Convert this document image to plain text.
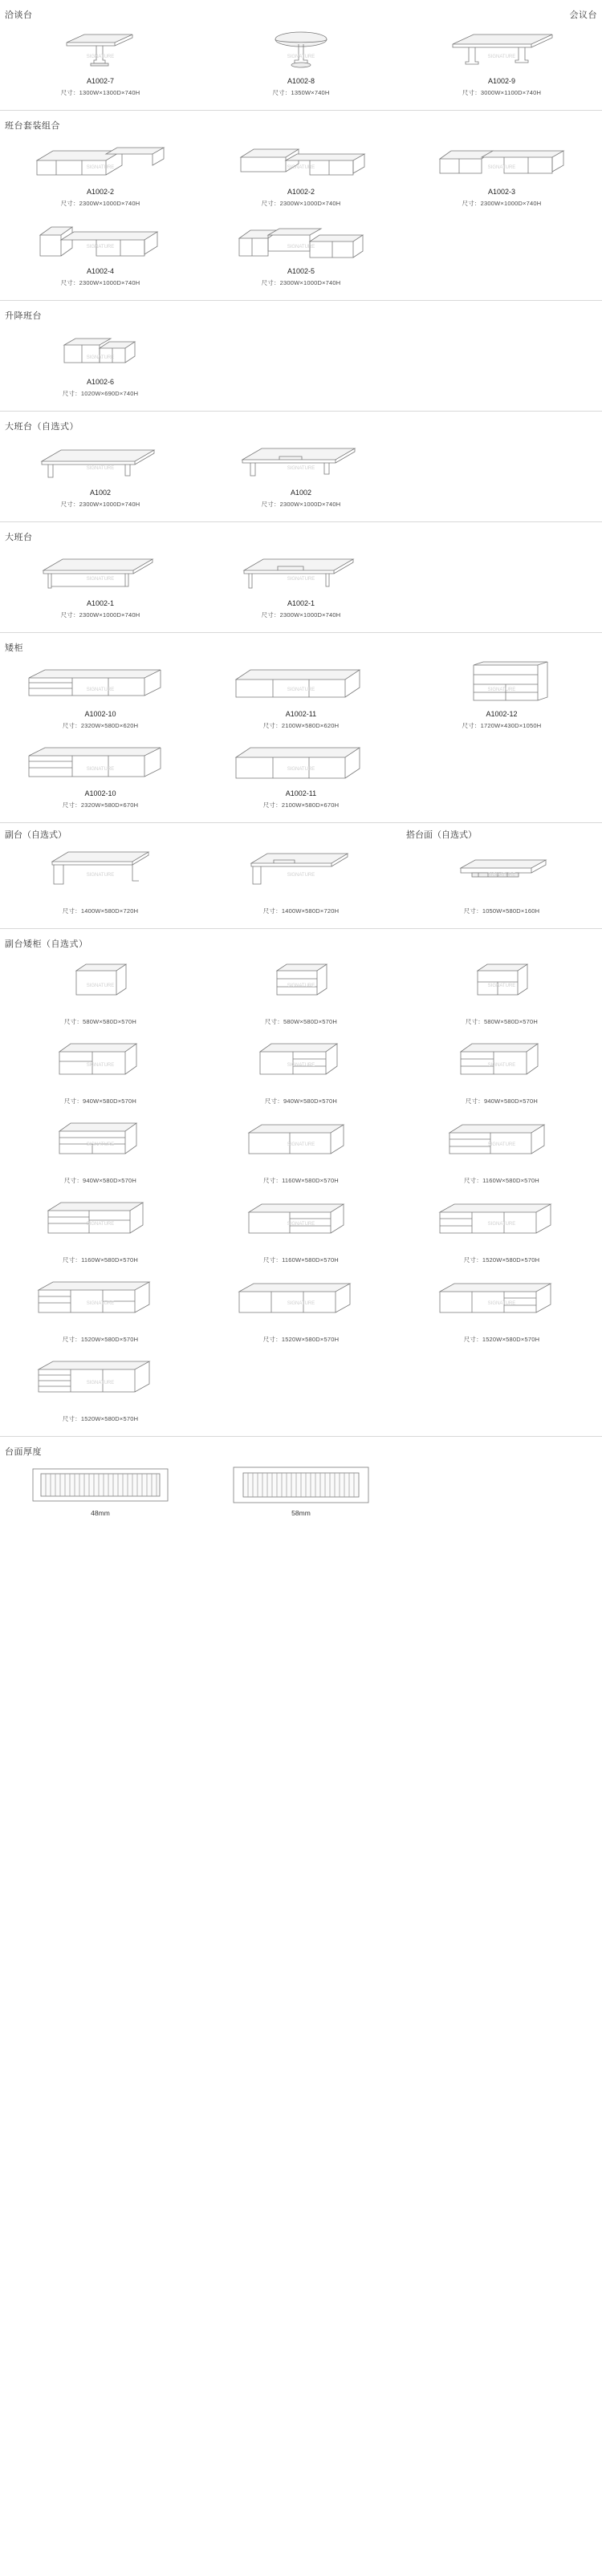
洽谈台	会议台
SIGNATURE
A1002-7
尺寸：1300W×1300D×740H
SIGNATURE
A1002-8
尺寸：1350W×740H
SIGNATURE
A1002-9
尺寸：3000W×1100D×740H
班台套装组合
SIGNATURE
A1002-2
尺寸：2300W×1000D×740H
SIGNATURE
A1002-2
尺寸：2300W×1000D×740H
SIGNATURE
A1002-3
尺寸：2300W×1000D×740H
SIGNATURE
A1002-4
尺寸：2300W×1000D×740H
SIGNATURE
A1002-5
尺寸：2300W×1000D×740H
升降班台
SIGNATURE
A1002-6
尺寸：1020W×690D×740H
大班台（自选式）
SIGNATURE
A1002
尺寸：2300W×1000D×740H
SIGNATURE
A1002
尺寸：2300W×1000D×740H
大班台
SIGNATURE
A1002-1
尺寸：2300W×1000D×740H
SIGNATURE
A1002-1
尺寸：2300W×1000D×740H
矮柜
SIGNATURE
A1002-10
尺寸：2320W×580D×620H
SIGNATURE
A1002-11
尺寸：2100W×580D×620H
SIGNATURE
A1002-12
尺寸：1720W×430D×1050H
SIGNATURE
A1002-10
尺寸：2320W×580D×670H
SIGNATURE
A1002-11
尺寸：2100W×580D×670H
副台（自选式）	搭台面（自选式）
SIGNATURE
尺寸：1400W×580D×720H
SIGNATURE
尺寸：1400W×580D×720H
SIGNATURE
尺寸：1050W×580D×160H
副台矮柜（自选式）
SIGNATURE
尺寸：580W×580D×570H
SIGNATURE
尺寸：580W×580D×570H
SIGNATURE
尺寸：580W×580D×570H
SIGNATURE
尺寸：940W×580D×570H
SIGNATURE
尺寸：940W×580D×570H
SIGNATURE
尺寸：940W×580D×570H
SIGNATURE
尺寸：940W×580D×570H
SIGNATURE
尺寸：1160W×580D×570H
SIGNATURE
尺寸：1160W×580D×570H
SIGNATURE
尺寸：1160W×580D×570H
SIGNATURE
尺寸：1160W×580D×570H
SIGNATURE
尺寸：1520W×580D×570H
SIGNATURE
尺寸：1520W×580D×570H
SIGNATURE
尺寸：1520W×580D×570H
SIGNATURE
尺寸：1520W×580D×570H
SIGNATURE
尺寸：1520W×580D×570H
台面厚度
48mm	58mm
